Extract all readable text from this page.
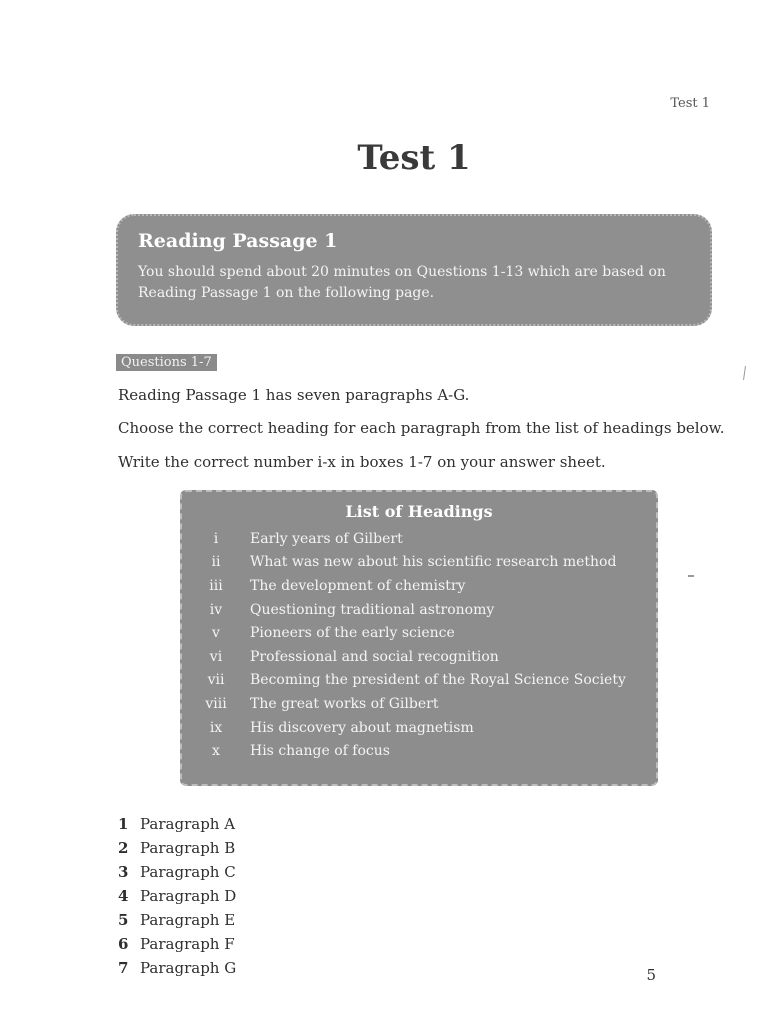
Test 1
Test 1

Reading Passage 1

You should spend about 20 minutes on Questions 1-13 which are based on Reading Passage 1 on the following page.

Questions 1-7

Reading Passage 1 has seven paragraphs A-G.

Choose the correct heading for each paragraph from the list of headings below.

Write the correct number i-x in boxes 1-7 on your answer sheet.

List of Headings

i	Early years of Gilbert
ii	What was new about his scientific research method
iii	The development of chemistry
iv	Questioning traditional astronomy
v	Pioneers of the early science
vi	Professional and social recognition
vii	Becoming the president of the Royal Science Society
viii	The great works of Gilbert
ix	His discovery about magnetism
x	His change of focus
1 Paragraph A
2 Paragraph B
3 Paragraph C
4 Paragraph D
5 Paragraph E
6 Paragraph F
7 Paragraph G	5
